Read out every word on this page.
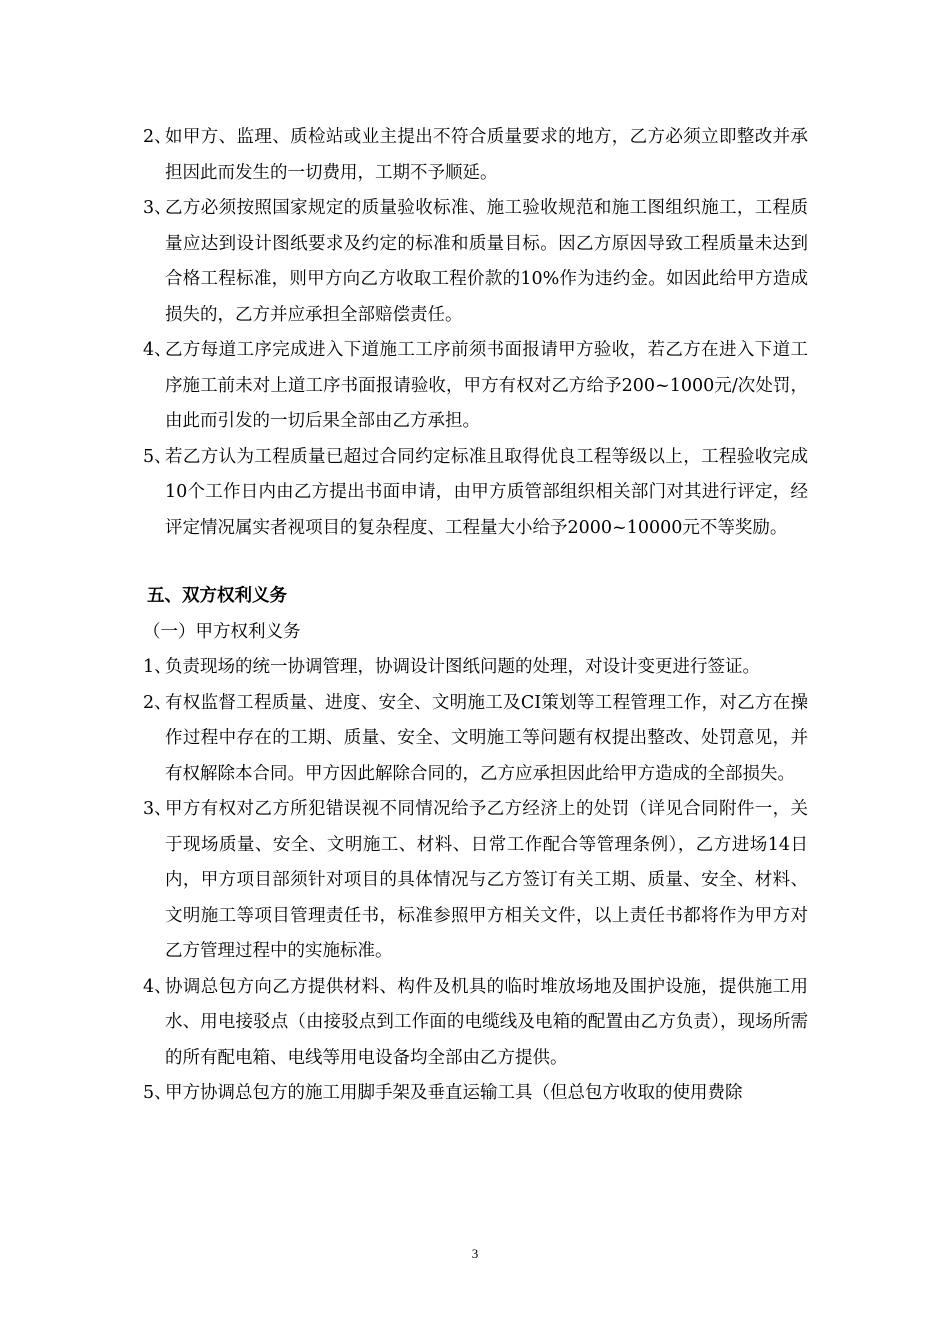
2、
如甲方、监理、质检站或业主提出不符合质量要求的地方，乙方必须立即整改并承担因此而发生的一切费用，工期不予顺延。
3、
乙方必须按照国家规定的质量验收标准、施工验收规范和施工图组织施工，工程质量应达到设计图纸要求及约定的标准和质量目标。因乙方原因导致工程质量未达到合格工程标准，则甲方向乙方收取工程价款的10%作为违约金。如因此给甲方造成损失的，乙方并应承担全部赔偿责任。
4、
乙方每道工序完成进入下道施工工序前须书面报请甲方验收，若乙方在进入下道工序施工前未对上道工序书面报请验收，甲方有权对乙方给予200~1000元/次处罚，由此而引发的一切后果全部由乙方承担。
5、
若乙方认为工程质量已超过合同约定标准且取得优良工程等级以上，工程验收完成10个工作日内由乙方提出书面申请，由甲方质管部组织相关部门对其进行评定，经评定情况属实者视项目的复杂程度、工程量大小给予2000~10000元不等奖励。
五、双方权利义务
（一）甲方权利义务
1、
负责现场的统一协调管理，协调设计图纸问题的处理，对设计变更进行签证。
2、
有权监督工程质量、进度、安全、文明施工及CI策划等工程管理工作，对乙方在操作过程中存在的工期、质量、安全、文明施工等问题有权提出整改、处罚意见，并有权解除本合同。甲方因此解除合同的，乙方应承担因此给甲方造成的全部损失。
3、
甲方有权对乙方所犯错误视不同情况给予乙方经济上的处罚（详见合同附件一，关于现场质量、安全、文明施工、材料、日常工作配合等管理条例），乙方进场14日内，甲方项目部须针对项目的具体情况与乙方签订有关工期、质量、安全、材料、文明施工等项目管理责任书，标准参照甲方相关文件，以上责任书都将作为甲方对乙方管理过程中的实施标准。
4、
协调总包方向乙方提供材料、构件及机具的临时堆放场地及围护设施，提供施工用水、用电接驳点（由接驳点到工作面的电缆线及电箱的配置由乙方负责），现场所需的所有配电箱、电线等用电设备均全部由乙方提供。
5、
甲方协调总包方的施工用脚手架及垂直运输工具（但总包方收取的使用费除
3
